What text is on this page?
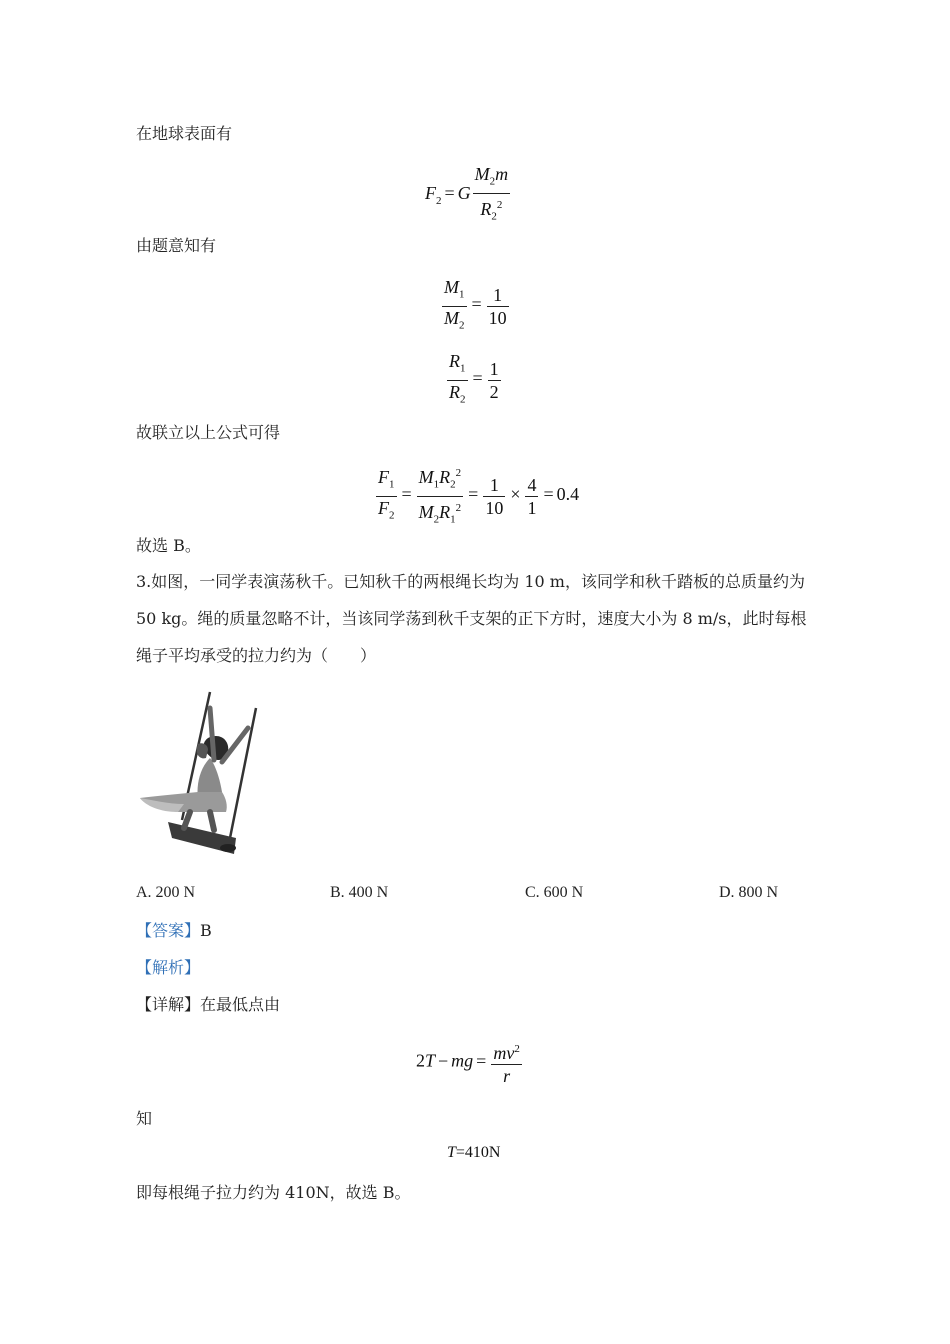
在地球表面有
$F_2 = G \frac{M_2m}{R_2^2}$
由题意知有
$\frac{M_1}{M_2} = \frac{1}{10}$
$\frac{R_1}{R_2} = \frac{1}{2}$
故联立以上公式可得
$\frac{F_1}{F_2} = \frac{M_1R_2^2}{M_2R_1^2} = \frac{1}{10} \times \frac{4}{1} = 0.4$
故选 B。
3.如图，一同学表演荡秋千。已知秋千的两根绳长均为 10 m，该同学和秋千踏板的总质量约为 50 kg。绳的质量忽略不计，当该同学荡到秋千支架的正下方时，速度大小为 8 m/s，此时每根绳子平均承受的拉力约为（　　）
A. 200 N	B. 400 N	C. 600 N	D. 800 N
【答案】B
【解析】
【详解】在最低点由
2T − mg = $\frac{mv^2}{r}$
知
T=410N
即每根绳子拉力约为 410N，故选 B。
